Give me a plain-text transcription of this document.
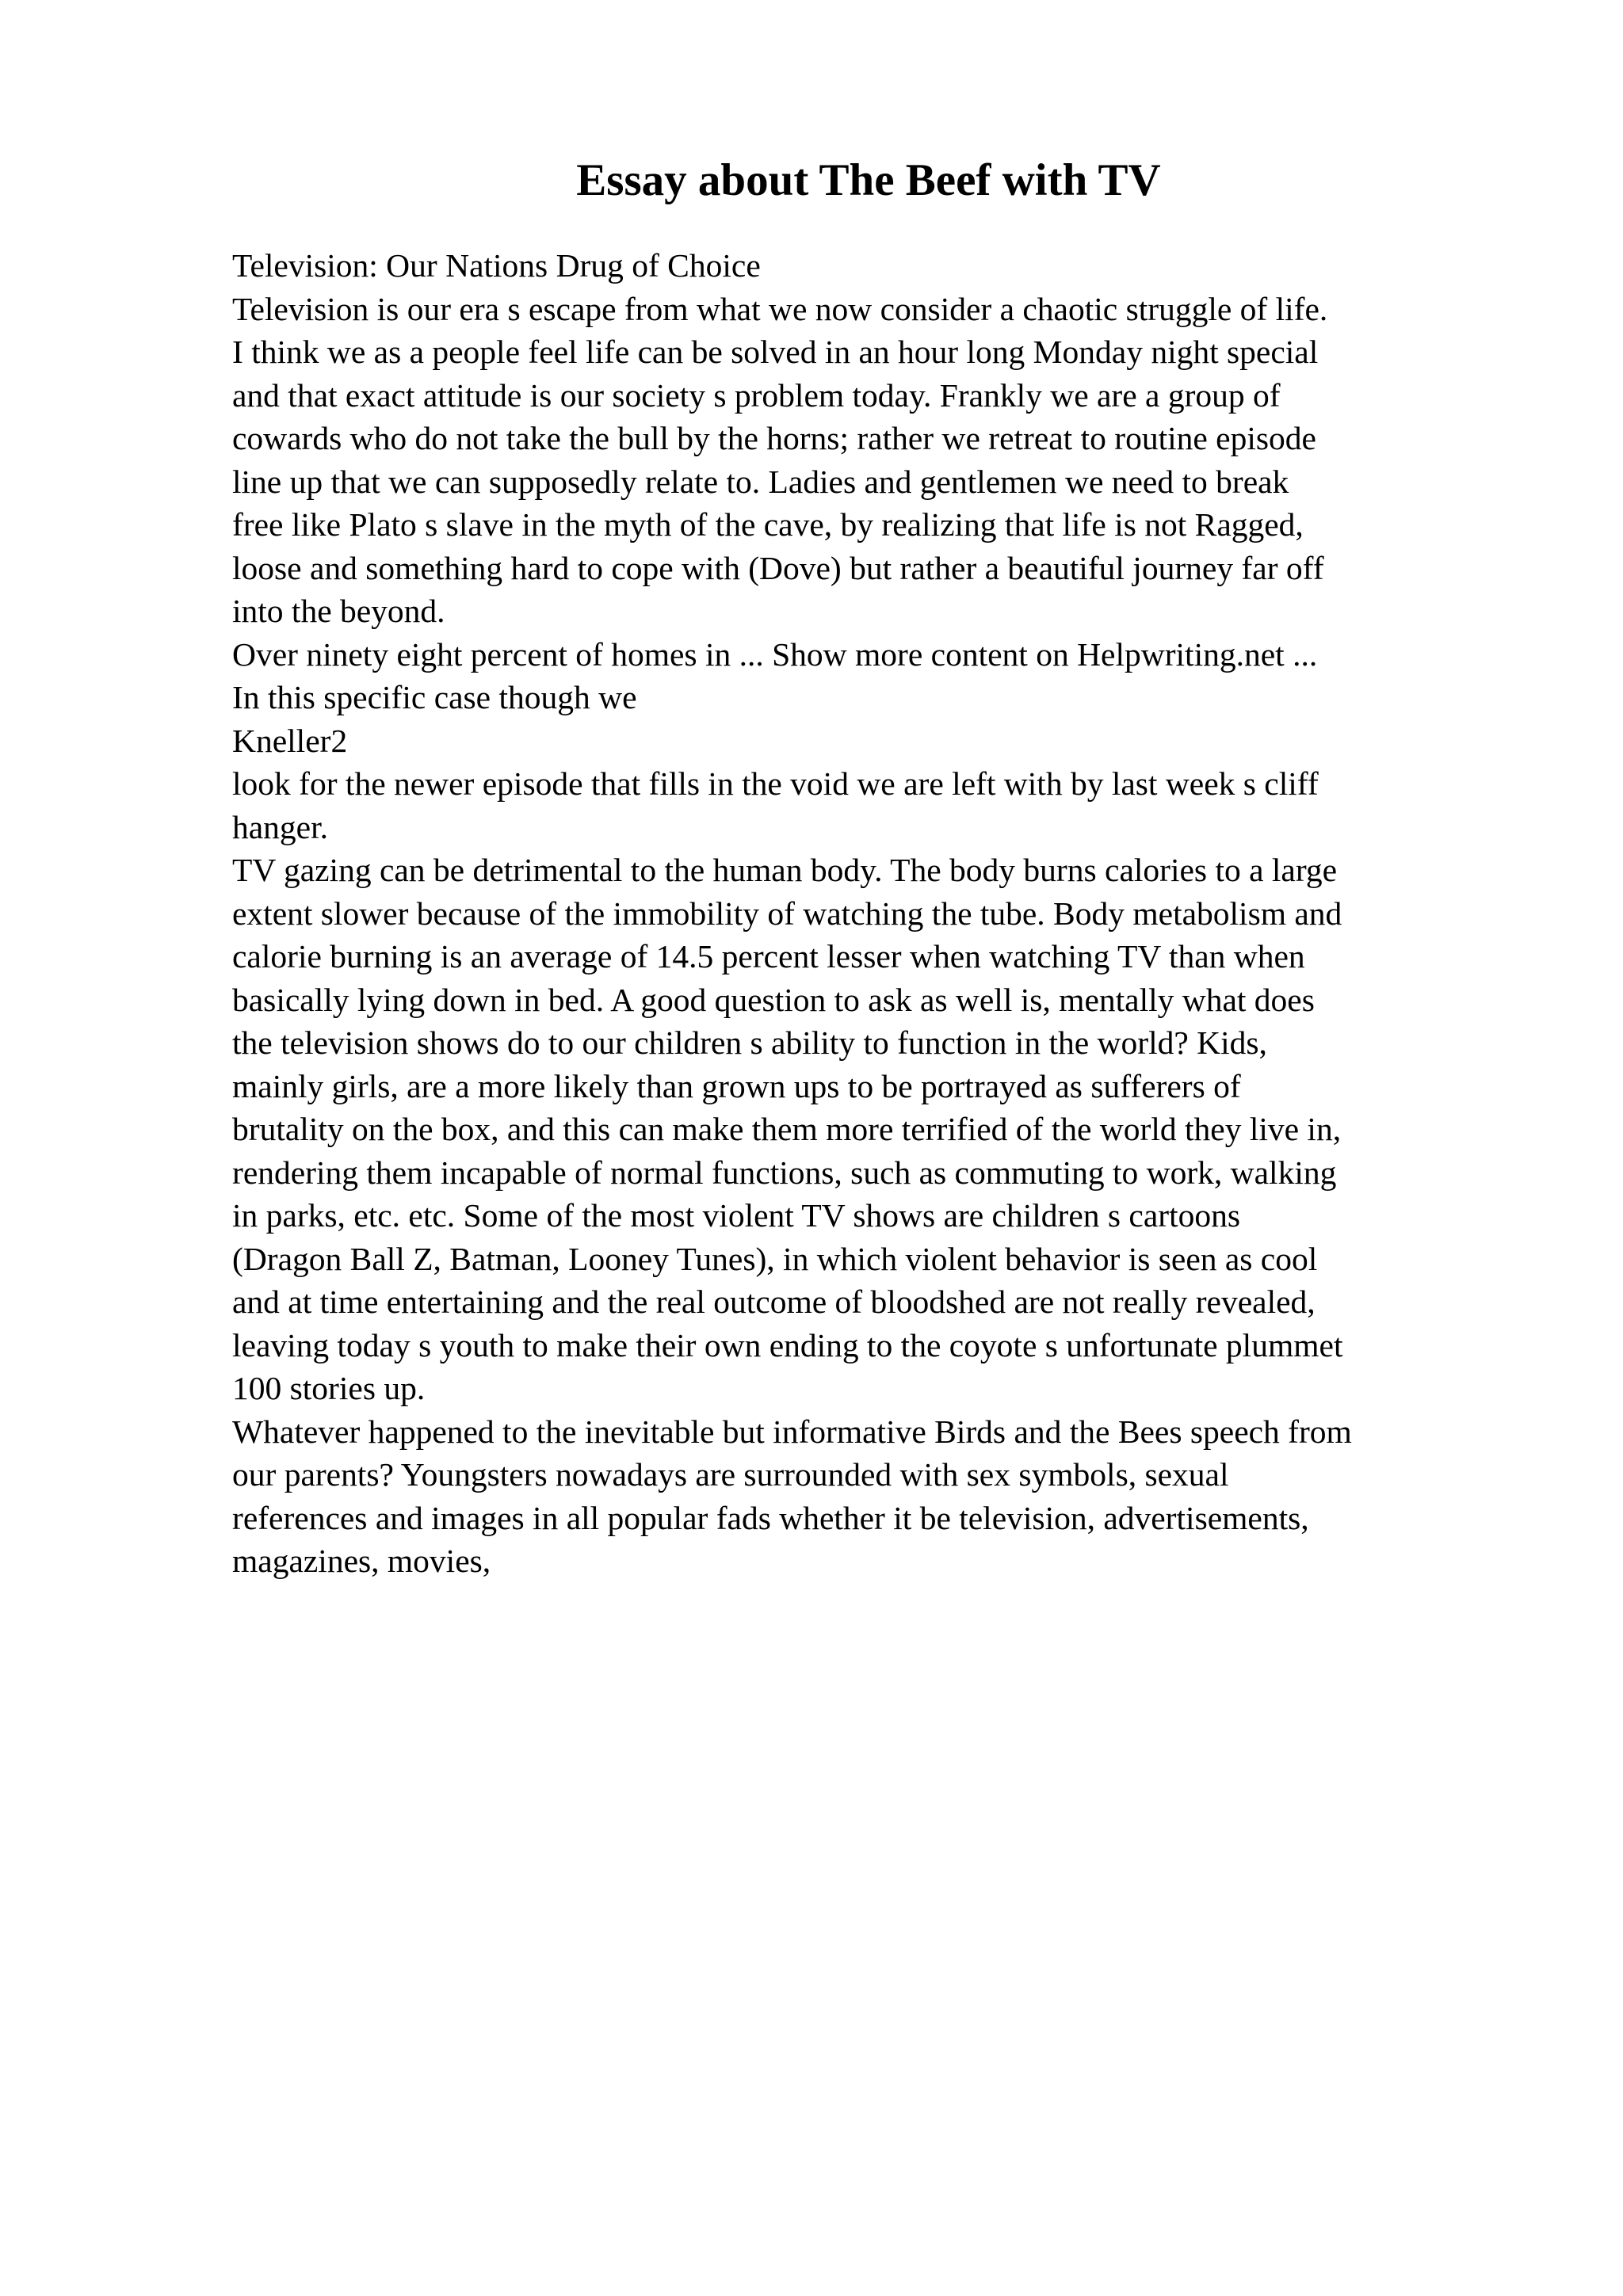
Essay about The Beef with TV
Television: Our Nations Drug of Choice
Television is our era s escape from what we now consider a chaotic struggle of life.
I think we as a people feel life can be solved in an hour long Monday night special
and that exact attitude is our society s problem today. Frankly we are a group of
cowards who do not take the bull by the horns; rather we retreat to routine episode
line up that we can supposedly relate to. Ladies and gentlemen we need to break
free like Plato s slave in the myth of the cave, by realizing that life is not Ragged,
loose and something hard to cope with (Dove) but rather a beautiful journey far off
into the beyond.
Over ninety eight percent of homes in ... Show more content on Helpwriting.net ...
In this specific case though we
Kneller2
look for the newer episode that fills in the void we are left with by last week s cliff
hanger.
TV gazing can be detrimental to the human body. The body burns calories to a large
extent slower because of the immobility of watching the tube. Body metabolism and
calorie burning is an average of 14.5 percent lesser when watching TV than when
basically lying down in bed. A good question to ask as well is, mentally what does
the television shows do to our children s ability to function in the world? Kids,
mainly girls, are a more likely than grown ups to be portrayed as sufferers of
brutality on the box, and this can make them more terrified of the world they live in,
rendering them incapable of normal functions, such as commuting to work, walking
in parks, etc. etc. Some of the most violent TV shows are children s cartoons
(Dragon Ball Z, Batman, Looney Tunes), in which violent behavior is seen as cool
and at time entertaining and the real outcome of bloodshed are not really revealed,
leaving today s youth to make their own ending to the coyote s unfortunate plummet
100 stories up.
Whatever happened to the inevitable but informative Birds and the Bees speech from
our parents? Youngsters nowadays are surrounded with sex symbols, sexual
references and images in all popular fads whether it be television, advertisements,
magazines, movies,
